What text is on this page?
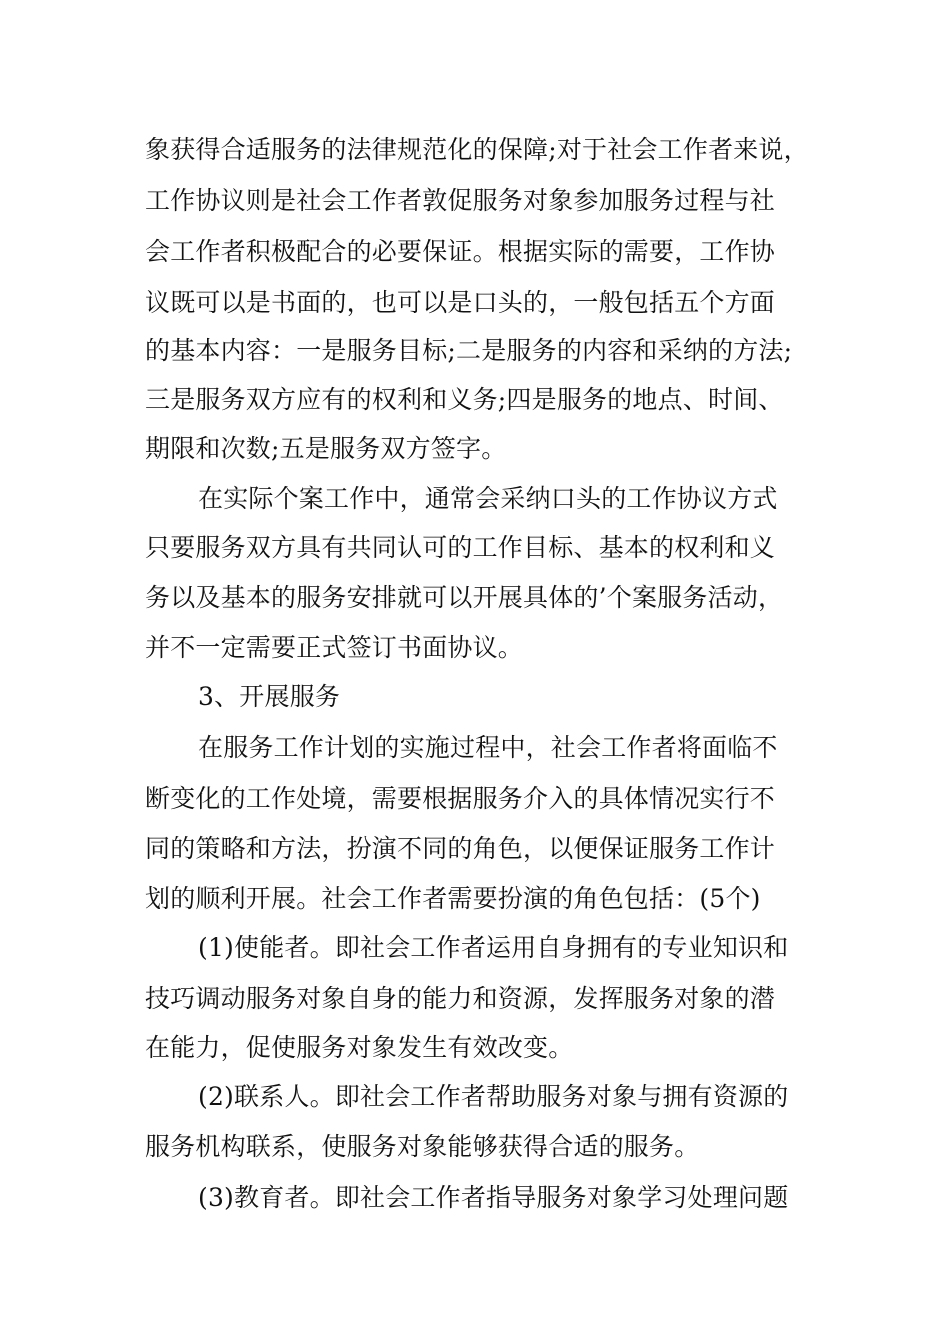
象获得合适服务的法律规范化的保障;对于社会工作者来说，
工作协议则是社会工作者敦促服务对象参加服务过程与社
会工作者积极配合的必要保证。根据实际的需要，工作协
议既可以是书面的，也可以是口头的，一般包括五个方面
的基本内容：一是服务目标;二是服务的内容和采纳的方法;
三是服务双方应有的权利和义务;四是服务的地点、时间、
期限和次数;五是服务双方签字。
在实际个案工作中，通常会采纳口头的工作协议方式
只要服务双方具有共同认可的工作目标、基本的权利和义
务以及基本的服务安排就可以开展具体的’个案服务活动，
并不一定需要正式签订书面协议。
3、开展服务
在服务工作计划的实施过程中，社会工作者将面临不
断变化的工作处境，需要根据服务介入的具体情况实行不
同的策略和方法，扮演不同的角色，以便保证服务工作计
划的顺利开展。社会工作者需要扮演的角色包括：(5个)
(1)使能者。即社会工作者运用自身拥有的专业知识和
技巧调动服务对象自身的能力和资源，发挥服务对象的潜
在能力，促使服务对象发生有效改变。
(2)联系人。即社会工作者帮助服务对象与拥有资源的
服务机构联系，使服务对象能够获得合适的服务。
(3)教育者。即社会工作者指导服务对象学习处理问题
